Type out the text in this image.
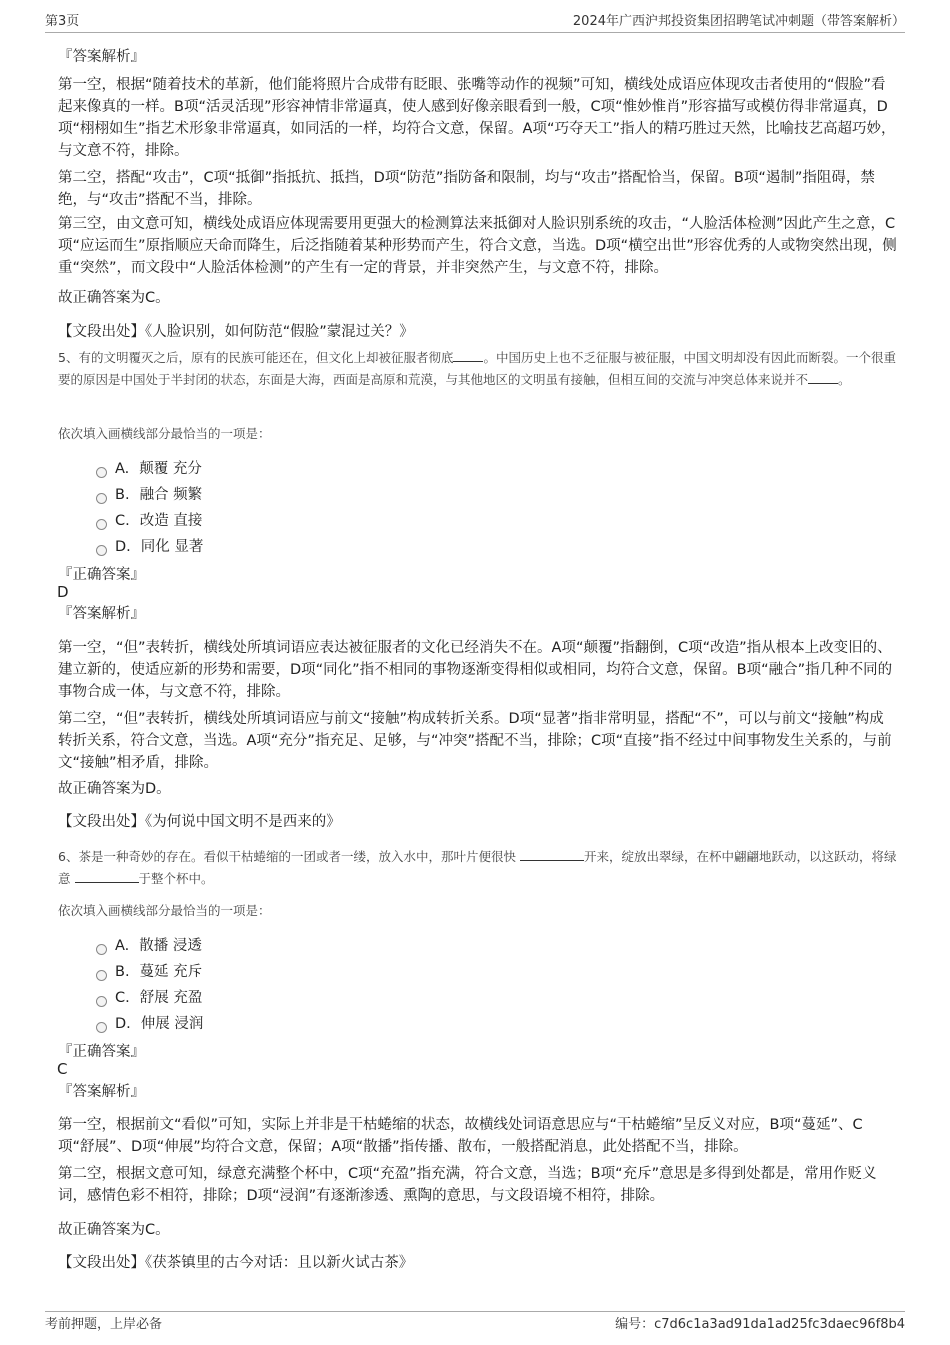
第3页	2024年广西沪邦投资集团招聘笔试冲刺题（带答案解析）
『答案解析』
第一空，根据“随着技术的革新，他们能将照片合成带有眨眼、张嘴等动作的视频”可知，横线处成语应体现攻击者使用的“假脸”看起来像真的一样。B项“活灵活现”形容神情非常逼真，使人感到好像亲眼看到一般，C项“惟妙惟肖”形容描写或模仿得非常逼真，D项“栩栩如生”指艺术形象非常逼真，如同活的一样，均符合文意，保留。A项“巧夺天工”指人的精巧胜过天然，比喻技艺高超巧妙，与文意不符，排除。
第二空，搭配“攻击”，C项“抵御”指抵抗、抵挡，D项“防范”指防备和限制，均与“攻击”搭配恰当，保留。B项“遏制”指阻碍，禁绝，与“攻击”搭配不当，排除。
第三空，由文意可知，横线处成语应体现需要用更强大的检测算法来抵御对人脸识别系统的攻击，“人脸活体检测”因此产生之意，C项“应运而生”原指顺应天命而降生，后泛指随着某种形势而产生，符合文意，当选。D项“横空出世”形容优秀的人或物突然出现，侧重“突然”，而文段中“人脸活体检测”的产生有一定的背景，并非突然产生，与文意不符，排除。
故正确答案为C。
【文段出处】《人脸识别，如何防范“假脸”蒙混过关？》
5、有的文明覆灭之后，原有的民族可能还在，但文化上却被征服者彻底 。中国历史上也不乏征服与被征服，中国文明却没有因此而断裂。一个很重要的原因是中国处于半封闭的状态，东面是大海，西面是高原和荒漠，与其他地区的文明虽有接触，但相互间的交流与冲突总体来说并不 。
依次填入画横线部分最恰当的一项是：
A. 颠覆 充分
B. 融合 频繁
C. 改造 直接
D. 同化 显著
『正确答案』
D
『答案解析』
第一空，“但”表转折，横线处所填词语应表达被征服者的文化已经消失不在。A项“颠覆”指翻倒，C项“改造”指从根本上改变旧的、建立新的，使适应新的形势和需要，D项“同化”指不相同的事物逐渐变得相似或相同，均符合文意，保留。B项“融合”指几种不同的事物合成一体，与文意不符，排除。
第二空，“但”表转折，横线处所填词语应与前文“接触”构成转折关系。D项“显著”指非常明显，搭配“不”，可以与前文“接触”构成转折关系，符合文意，当选。A项“充分”指充足、足够，与“冲突”搭配不当，排除；C项“直接”指不经过中间事物发生关系的，与前文“接触”相矛盾，排除。
故正确答案为D。
【文段出处】《为何说中国文明不是西来的》
6、茶是一种奇妙的存在。看似干枯蜷缩的一团或者一缕，放入水中，那叶片便很快	开来，绽放出翠绿，在杯中翩翩地跃动，以这跃动，将绿意	于整个杯中。
依次填入画横线部分最恰当的一项是：
A. 散播 浸透
B. 蔓延 充斥
C. 舒展 充盈
D. 伸展 浸润
『正确答案』
C
『答案解析』
第一空，根据前文“看似”可知，实际上并非是干枯蜷缩的状态，故横线处词语意思应与“干枯蜷缩”呈反义对应，B项“蔓延”、C项“舒展”、D项“伸展”均符合文意，保留；A项“散播”指传播、散布，一般搭配消息，此处搭配不当，排除。
第二空，根据文意可知，绿意充满整个杯中，C项“充盈”指充满，符合文意，当选；B项“充斥”意思是多得到处都是，常用作贬义词，感情色彩不相符，排除；D项“浸润”有逐渐渗透、熏陶的意思，与文段语境不相符，排除。
故正确答案为C。
【文段出处】《茯茶镇里的古今对话：且以新火试古茶》
考前押题，上岸必备	编号：c7d6c1a3ad91da1ad25fc3daec96f8b4
